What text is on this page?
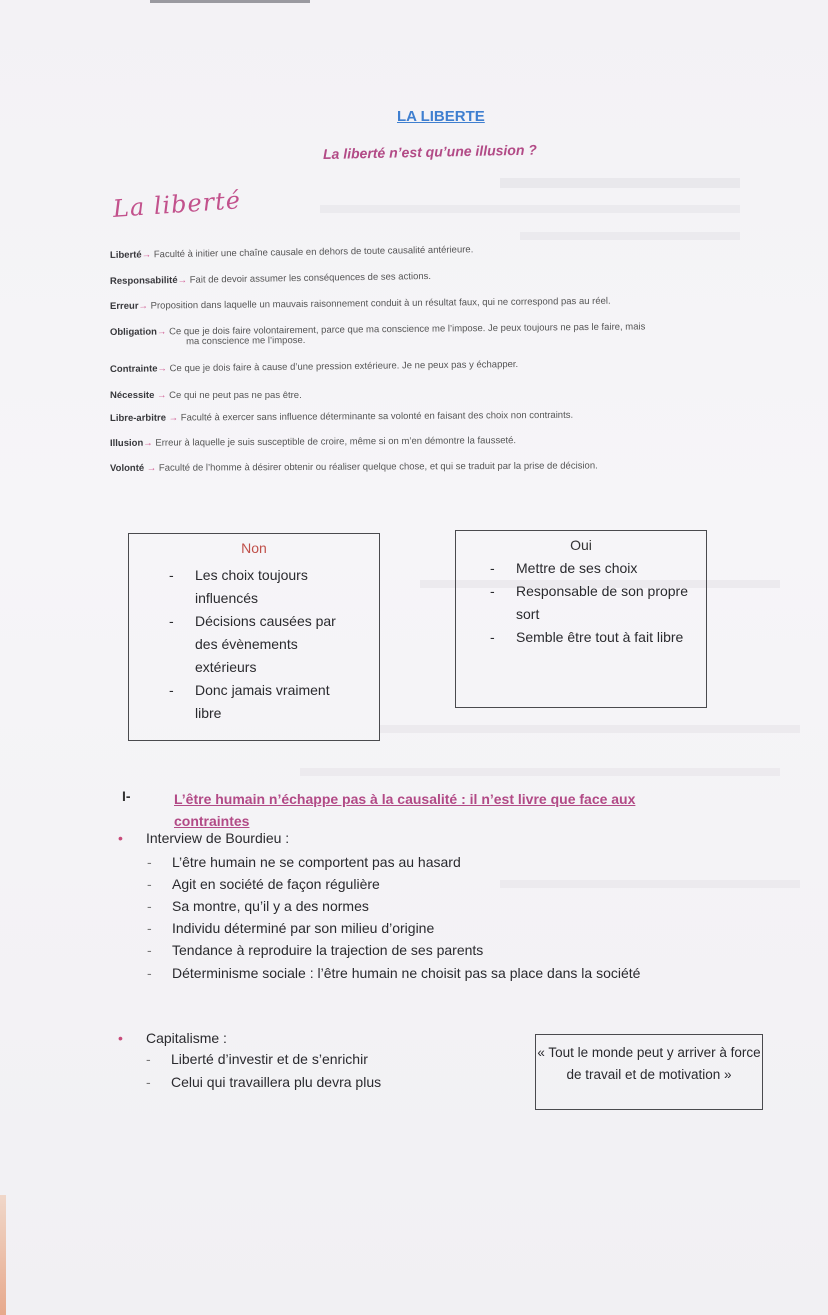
LA LIBERTE
La liberté n’est qu’une illusion ?
La liberté
Liberté→ Faculté à initier une chaîne causale en dehors de toute causalité antérieure.
Responsabilité→ Fait de devoir assumer les conséquences de ses actions.
Erreur→ Proposition dans laquelle un mauvais raisonnement conduit à un résultat faux, qui ne correspond pas au réel.
Obligation→ Ce que je dois faire volontairement, parce que ma conscience me l’impose. Je peux toujours ne pas le faire, mais
ma conscience me l’impose.
Contrainte→ Ce que je dois faire à cause d’une pression extérieure. Je ne peux pas y échapper.
Nécessite → Ce qui ne peut pas ne pas être.
Libre-arbitre → Faculté à exercer sans influence déterminante sa volonté en faisant des choix non contraints.
Illusion→ Erreur à laquelle je suis susceptible de croire, même si on m’en démontre la fausseté.
Volonté → Faculté de l’homme à désirer obtenir ou réaliser quelque chose, et qui se traduit par la prise de décision.
Non
- Les choix toujours influencés
- Décisions causées par des évènements extérieurs
- Donc jamais vraiment libre
Oui
- Mettre de ses choix
- Responsable de son propre sort
- Semble être tout à fait libre
I-	L’être humain n’échappe pas à la causalité : il n’est livre que face aux contraintes
• Interview de Bourdieu :
- L’être humain ne se comportent pas au hasard
- Agit en société de façon régulière
- Sa montre, qu’il y a des normes
- Individu déterminé par son milieu d’origine
- Tendance à reproduire la trajection de ses parents
- Déterminisme sociale : l’être humain ne choisit pas sa place dans la société
• Capitalisme :
- Liberté d’investir et de s’enrichir
- Celui qui travaillera plu devra plus
« Tout le monde peut y arriver à force de travail et de motivation »
